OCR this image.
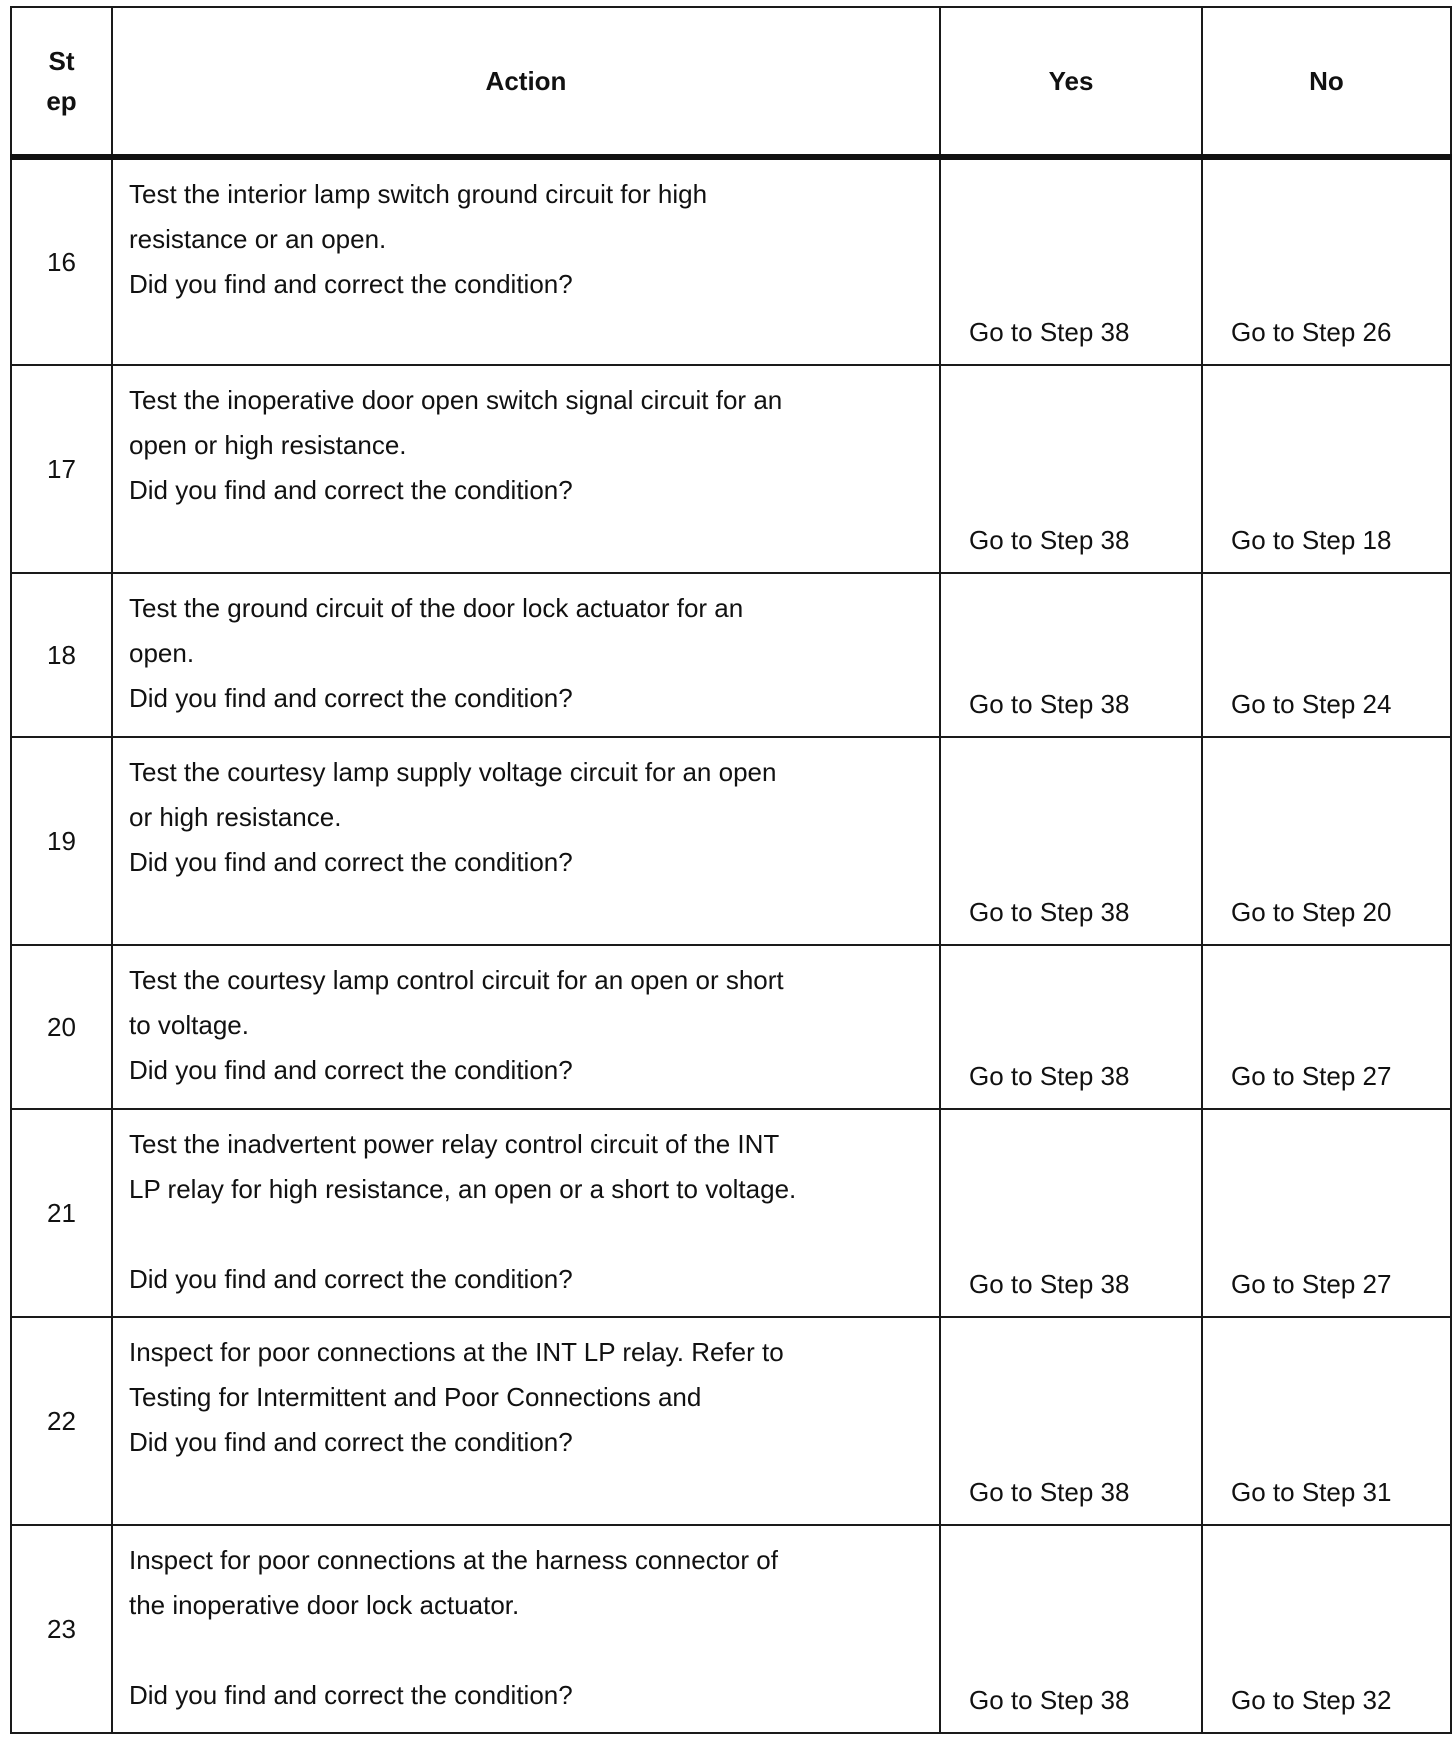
St
ep	Action	Yes	No
16	Test the interior lamp switch ground circuit for high
resistance or an open.
Did you find and correct the condition?	Go to Step 38	Go to Step 26
17	Test the inoperative door open switch signal circuit for an
open or high resistance.
Did you find and correct the condition?	Go to Step 38	Go to Step 18
18	Test the ground circuit of the door lock actuator for an
open.
Did you find and correct the condition?	Go to Step 38	Go to Step 24
19	Test the courtesy lamp supply voltage circuit for an open
or high resistance.
Did you find and correct the condition?	Go to Step 38	Go to Step 20
20	Test the courtesy lamp control circuit for an open or short
to voltage.
Did you find and correct the condition?	Go to Step 38	Go to Step 27
21	Test the inadvertent power relay control circuit of the INT
LP relay for high resistance, an open or a short to voltage.
Did you find and correct the condition?	Go to Step 38	Go to Step 27
22	Inspect for poor connections at the INT LP relay. Refer to
Testing for Intermittent and Poor Connections and
Did you find and correct the condition?	Go to Step 38	Go to Step 31
23	Inspect for poor connections at the harness connector of
the inoperative door lock actuator.
Did you find and correct the condition?	Go to Step 38	Go to Step 32
